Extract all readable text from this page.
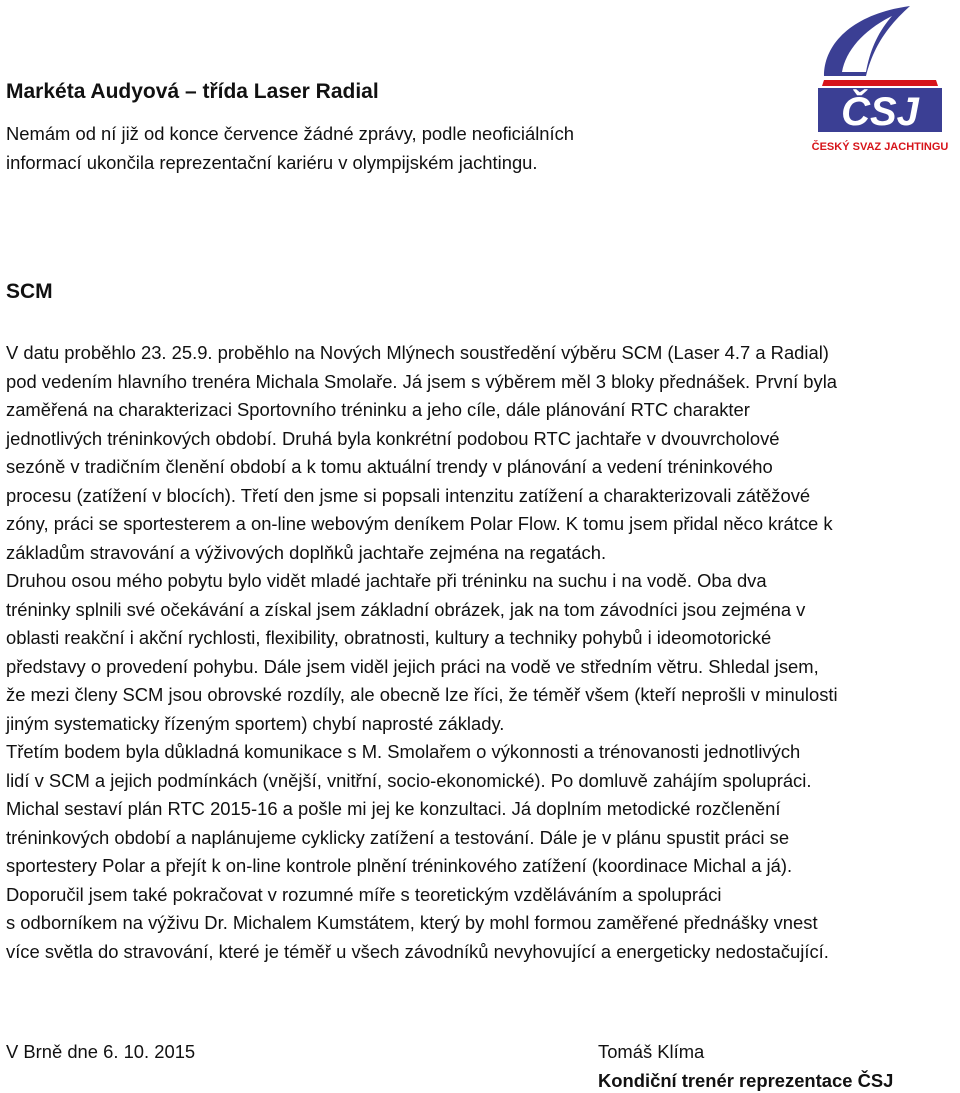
ČSJ
ČESKÝ SVAZ JACHTINGU
Markéta Audyová – třída Laser Radial
Nemám od ní již od konce července žádné zprávy, podle neoficiálních
informací ukončila reprezentační kariéru v olympijském jachtingu.
SCM
V datu proběhlo 23. 25.9. proběhlo na Nových Mlýnech soustředění výběru SCM (Laser 4.7 a Radial)
pod vedením hlavního trenéra Michala Smolaře. Já jsem s výběrem měl 3 bloky přednášek. První byla
zaměřená na charakterizaci Sportovního tréninku a jeho cíle, dále plánování RTC charakter
jednotlivých tréninkových období. Druhá byla konkrétní podobou RTC jachtaře v dvouvrcholové
sezóně v tradičním členění období a k tomu aktuální trendy v plánování a vedení tréninkového
procesu (zatížení v blocích). Třetí den jsme si popsali intenzitu zatížení a charakterizovali zátěžové
zóny, práci se sportesterem a on-line webovým deníkem Polar Flow. K tomu jsem přidal něco krátce k
základům stravování a výživových doplňků jachtaře zejména na regatách.
Druhou osou mého pobytu bylo vidět mladé jachtaře při tréninku na suchu i na vodě. Oba dva
tréninky splnili své očekávání a získal jsem základní obrázek, jak na tom závodníci jsou zejména v
oblasti reakční i akční rychlosti, flexibility, obratnosti, kultury a techniky pohybů i ideomotorické
představy o provedení pohybu. Dále jsem viděl jejich práci na vodě ve středním větru. Shledal jsem,
že mezi členy SCM jsou obrovské rozdíly, ale obecně lze říci, že téměř všem (kteří neprošli v minulosti
jiným systematicky řízeným sportem) chybí naprosté základy.
Třetím bodem byla důkladná komunikace s M. Smolařem o výkonnosti a trénovanosti jednotlivých
lidí v SCM a jejich podmínkách (vnější, vnitřní, socio-ekonomické). Po domluvě zahájím spolupráci.
Michal sestaví plán RTC 2015-16 a pošle mi jej ke konzultaci. Já doplním metodické rozčlenění
tréninkových období a naplánujeme cyklicky zatížení a testování. Dále je v plánu spustit práci se
sportestery Polar a přejít k on-line kontrole plnění tréninkového zatížení (koordinace Michal a já).
Doporučil jsem také pokračovat v rozumné míře s teoretickým vzděláváním a spolupráci
s odborníkem na výživu Dr. Michalem Kumstátem, který by mohl formou zaměřené přednášky vnest
více světla do stravování, které je téměř u všech závodníků nevyhovující a energeticky nedostačující.
V Brně dne 6. 10. 2015	Tomáš Klíma
Kondiční trenér reprezentace ČSJ
